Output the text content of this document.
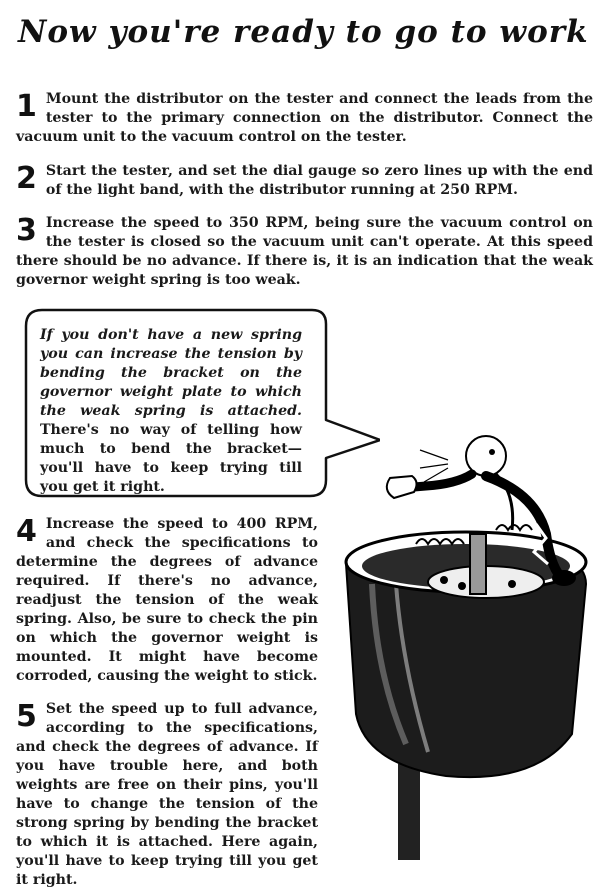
Now you're ready to go to work
1 Mount the distributor on the tester and connect the leads from the tester to the primary connection on the distributor. Connect the vacuum unit to the vacuum control on the tester.
2 Start the tester, and set the dial gauge so zero lines up with the end of the light band, with the distributor running at 250 RPM.
3 Increase the speed to 350 RPM, being sure the vacuum control on the tester is closed so the vacuum unit can't operate. At this speed there should be no advance. If there is, it is an indication that the weak governor weight spring is too weak.
If you don't have a new spring you can increase the tension by bending the bracket on the governor weight plate to which the weak spring is attached. There's no way of telling how much to bend the bracket—you'll have to keep trying till you get it right.
4 Increase the speed to 400 RPM, and check the specifications to determine the degrees of advance required. If there's no advance, readjust the tension of the weak spring. Also, be sure to check the pin on which the governor weight is mounted. It might have become corroded, causing the weight to stick.
5 Set the speed up to full advance, according to the specifications, and check the degrees of advance. If you have trouble here, and both weights are free on their pins, you'll have to change the tension of the strong spring by bending the bracket to which it is attached. Here again, you'll have to keep trying till you get it right.
